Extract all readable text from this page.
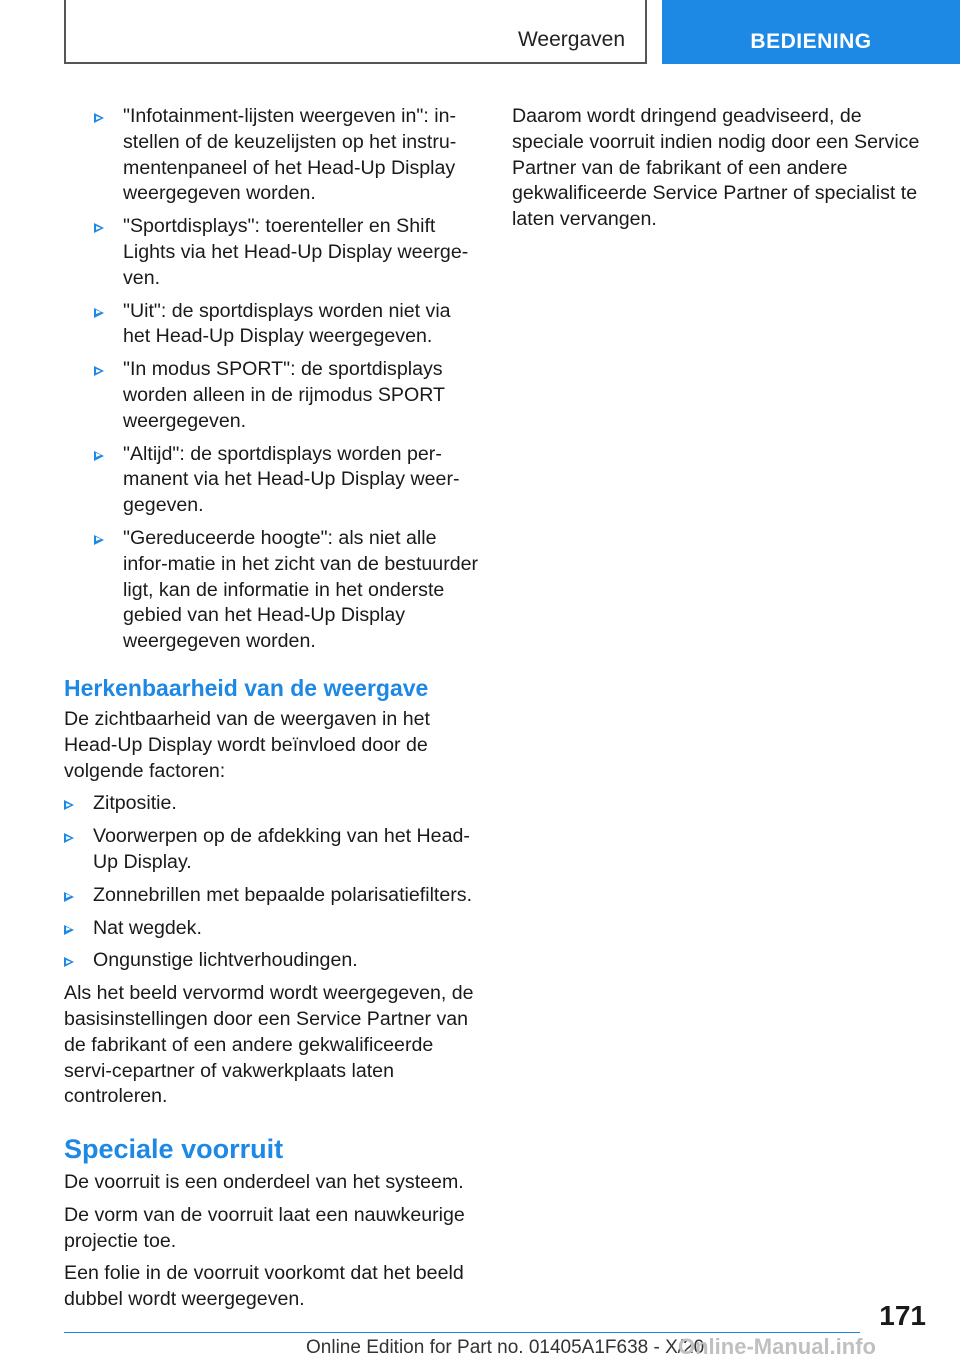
Weergaven	BEDIENING
"Infotainment-lijsten weergeven in": in-stellen of de keuzelijsten op het instru-mentenpaneel of het Head-Up Display weergegeven worden.
"Sportdisplays": toerenteller en Shift Lights via het Head-Up Display weerge-ven.
"Uit": de sportdisplays worden niet via het Head-Up Display weergegeven.
"In modus SPORT": de sportdisplays worden alleen in de rijmodus SPORT weergegeven.
"Altijd": de sportdisplays worden per-manent via het Head-Up Display weer-gegeven.
"Gereduceerde hoogte": als niet alle infor-matie in het zicht van de bestuurder ligt, kan de informatie in het onderste gebied van het Head-Up Display weergegeven worden.
Herkenbaarheid van de weergave

De zichtbaarheid van de weergaven in het Head-Up Display wordt beïnvloed door de volgende factoren:

Zitpositie.
Voorwerpen op de afdekking van het Head-Up Display.
Zonnebrillen met bepaalde polarisatiefilters.
Nat wegdek.
Ongunstige lichtverhoudingen.

Als het beeld vervormd wordt weergegeven, de basisinstellingen door een Service Partner van de fabrikant of een andere gekwalificeerde servi-cepartner of vakwerkplaats laten controleren.

Speciale voorruit

De voorruit is een onderdeel van het systeem.

De vorm van de voorruit laat een nauwkeurige projectie toe.

Een folie in de voorruit voorkomt dat het beeld dubbel wordt weergegeven.

Daarom wordt dringend geadviseerd, de speciale voorruit indien nodig door een Service Partner van de fabrikant of een andere gekwalificeerde Service Partner of specialist te laten vervangen.

171
Online Edition for Part no. 01405A1F638 - X/20
Online-Manual.info
